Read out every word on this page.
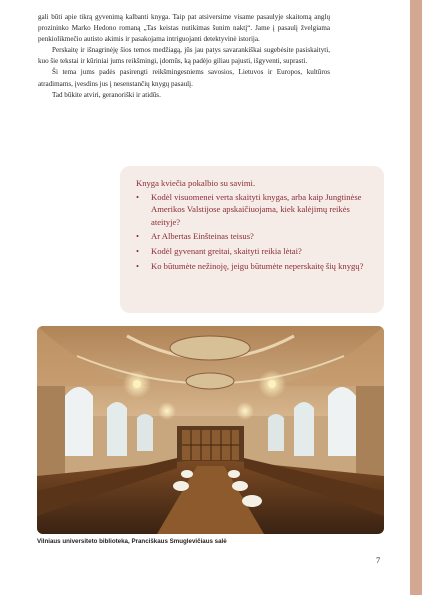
gali būti apie tikrą gyvenimą kalbanti knyga. Taip pat atsiversime visame pasaulyje skaitomą anglų prozininko Marko Hedono romaną „Tas keistas nutikimas šunim naktį“. Jame į pasaulį žvelgiama penkiolikmečio autisto akimis ir pasakojama intriguojanti detektyvinė istorija.

Perskaitę ir išnagrinėję šios temos medžiagą, jūs jau patys savarankiškai sugebėsite pasiskaityti, kuo šie tekstai ir kūriniai jums reikšmingi, įdomūs, ką padėjo giliau pajusti, išgyventi, suprasti.

Ši tema jums padės pasirengti reikšmingesniems savosios, Lietuvos ir Europos, kultūros atradimams, įvesdins jus į nesenstančių knygų pasaulį.

Tad būkite atviri, geranoriški ir atidūs.

Knyga kviečia pokalbio su savimi.

• Kodėl visuomenei verta skaityti knygas, arba kaip Jungtinėse Amerikos Valstijose apskaičiuojama, kiek kalėjimų reikės ateityje?
• Ar Albertas Einšteinas teisus?
• Kodėl gyvenant greitai, skaityti reikia lėtai?
• Ko būtumėte nežinoję, jeigu būtumėte neperskaitę šių knygų?
Vilniaus universiteto biblioteka, Pranciškaus Smuglevičiaus salė
7
